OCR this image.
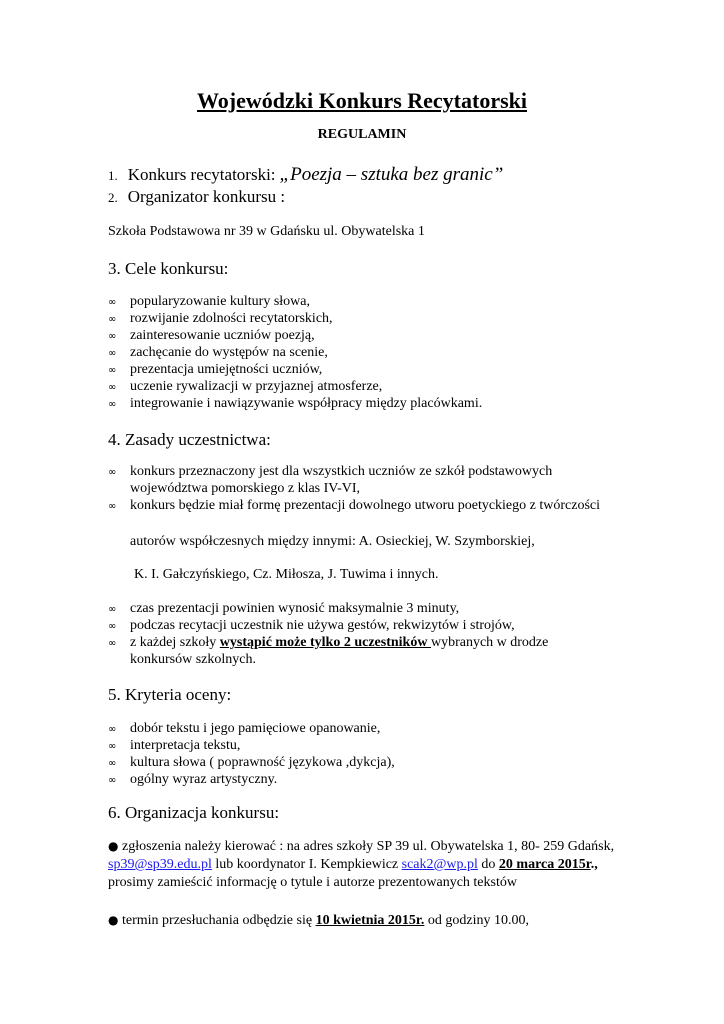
Wojewódzki Konkurs Recytatorski
REGULAMIN
1. Konkurs recytatorski: „Poezja – sztuka bez granic”
2. Organizator konkursu :
Szkoła Podstawowa nr 39 w Gdańsku ul. Obywatelska 1
3. Cele konkursu:
∞ popularyzowanie kultury słowa,
∞ rozwijanie zdolności recytatorskich,
∞ zainteresowanie uczniów poezją,
∞ zachęcanie do występów na scenie,
∞ prezentacja umiejętności uczniów,
∞ uczenie rywalizacji w przyjaznej atmosferze,
∞ integrowanie i nawiązywanie współpracy między placówkami.
4. Zasady uczestnictwa:
∞ konkurs przeznaczony jest dla wszystkich uczniów ze szkół podstawowych
województwa pomorskiego z klas IV-VI,
∞ konkurs będzie miał formę prezentacji dowolnego utworu poetyckiego z twórczości
autorów współczesnych między innymi: A. Osieckiej, W. Szymborskiej,
K. I. Gałczyńskiego, Cz. Miłosza, J. Tuwima i innych.
∞ czas prezentacji powinien wynosić maksymalnie 3 minuty,
∞ podczas recytacji uczestnik nie używa gestów, rekwizytów i strojów,
∞ z każdej szkoły wystąpić może tylko 2 uczestników wybranych w drodze
konkursów szkolnych.
5. Kryteria oceny:
∞ dobór tekstu i jego pamięciowe opanowanie,
∞ interpretacja tekstu,
∞ kultura słowa ( poprawność językowa ,dykcja),
∞ ogólny wyraz artystyczny.
6. Organizacja konkursu:
● zgłoszenia należy kierować : na adres szkoły SP 39 ul. Obywatelska 1, 80- 259 Gdańsk,
sp39@sp39.edu.pl lub koordynator I. Kempkiewicz scak2@wp.pl do 20 marca 2015r.,
prosimy zamieścić informację o tytule i autorze prezentowanych tekstów
● termin przesłuchania odbędzie się 10 kwietnia 2015r. od godziny 10.00,
